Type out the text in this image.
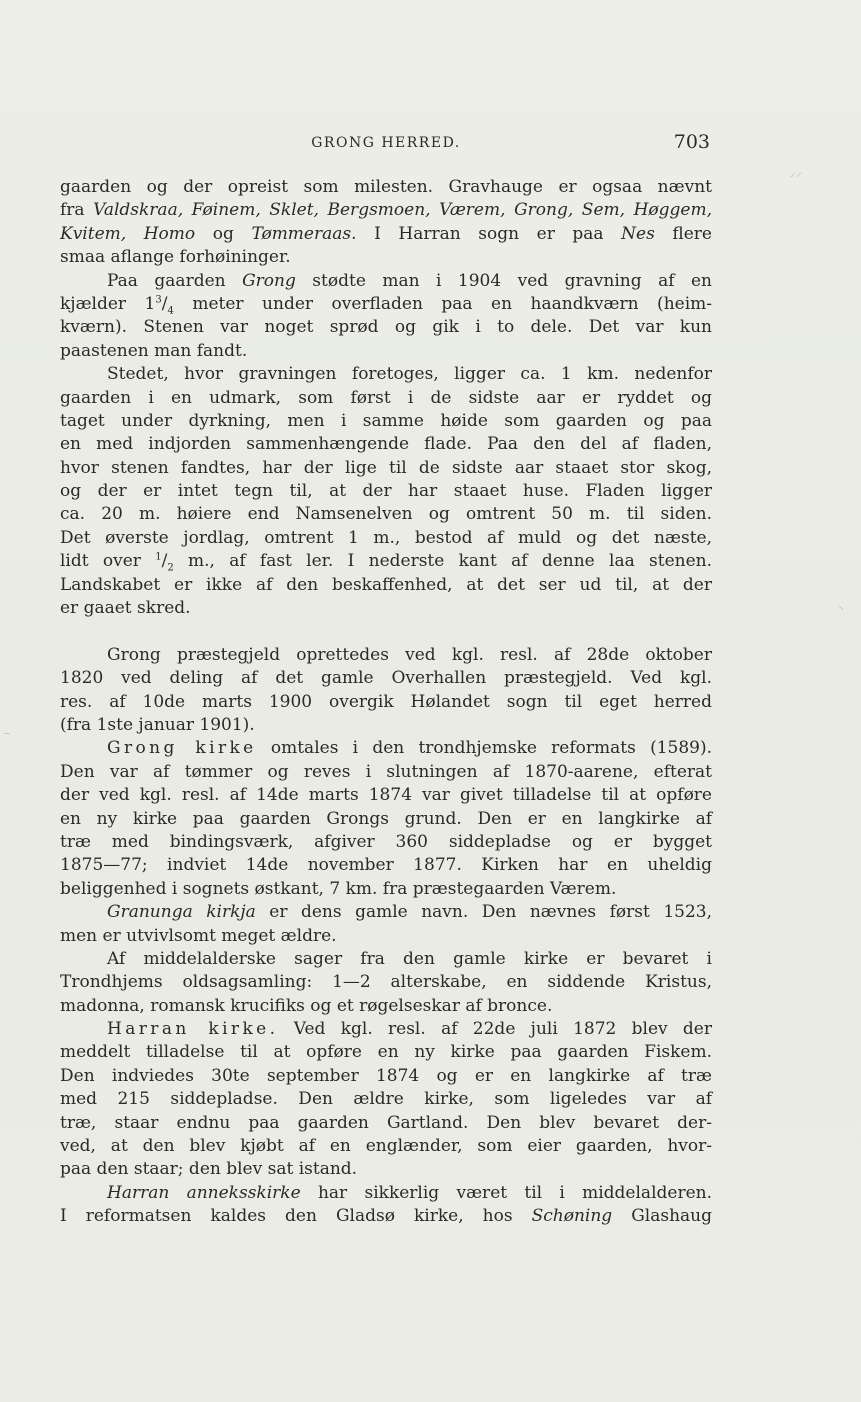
GRONG HERRED.	703
gaarden og der opreist som milesten. Gravhauge er ogsaa nævnt
fra Valdskraa, Føinem, Sklet, Bergsmoen, Værem, Grong, Sem, Høggem,
Kvitem, Homo og Tømmeraas. I Harran sogn er paa Nes flere
smaa aflange forhøininger.
Paa gaarden Grong stødte man i 1904 ved gravning af en
kjælder $1^3/_4$ meter under overfladen paa en haandkværn (heim-
kværn). Stenen var noget sprød og gik i to dele. Det var kun
paastenen man fandt.
Stedet, hvor gravningen foretoges, ligger ca. 1 km. nedenfor
gaarden i en udmark, som først i de sidste aar er ryddet og
taget under dyrkning, men i samme høide som gaarden og paa
en med indjorden sammenhængende flade. Paa den del af fladen,
hvor stenen fandtes, har der lige til de sidste aar staaet stor skog,
og der er intet tegn til, at der har staaet huse. Fladen ligger
ca. 20 m. høiere end Namsenelven og omtrent 50 m. til siden.
Det øverste jordlag, omtrent 1 m., bestod af muld og det næste,
lidt over $^1/_2$ m., af fast ler. I nederste kant af denne laa stenen.
Landskabet er ikke af den beskaffenhed, at det ser ud til, at der
er gaaet skred.
Grong præstegjeld oprettedes ved kgl. resl. af 28de oktober
1820 ved deling af det gamle Overhallen præstegjeld. Ved kgl.
res. af 10de marts 1900 overgik Hølandet sogn til eget herred
(fra 1ste januar 1901).
Grong kirke omtales i den trondhjemske reformats (1589).
Den var af tømmer og reves i slutningen af 1870-aarene, efterat
der ved kgl. resl. af 14de marts 1874 var givet tilladelse til at opføre
en ny kirke paa gaarden Grongs grund. Den er en langkirke af
træ med bindingsværk, afgiver 360 siddepladse og er bygget
1875—77; indviet 14de november 1877. Kirken har en uheldig
beliggenhed i sognets østkant, 7 km. fra præstegaarden Værem.
Granunga kirkja er dens gamle navn. Den nævnes først 1523,
men er utvivlsomt meget ældre.
Af middelalderske sager fra den gamle kirke er bevaret i
Trondhjems oldsagsamling: 1—2 alterskabe, en siddende Kristus,
madonna, romansk krucifiks og et røgelseskar af bronce.
Harran kirke. Ved kgl. resl. af 22de juli 1872 blev der
meddelt tilladelse til at opføre en ny kirke paa gaarden Fiskem.
Den indviedes 30te september 1874 og er en langkirke af træ
med 215 siddepladse. Den ældre kirke, som ligeledes var af
træ, staar endnu paa gaarden Gartland. Den blev bevaret der-
ved, at den blev kjøbt af en englænder, som eier gaarden, hvor-
paa den staar; den blev sat istand.
Harran anneksskirke har sikkerlig været til i middelalderen.
I reformatsen kaldes den Gladsø kirke, hos Schøning Glashaug
⸝⸝
⸜
–
